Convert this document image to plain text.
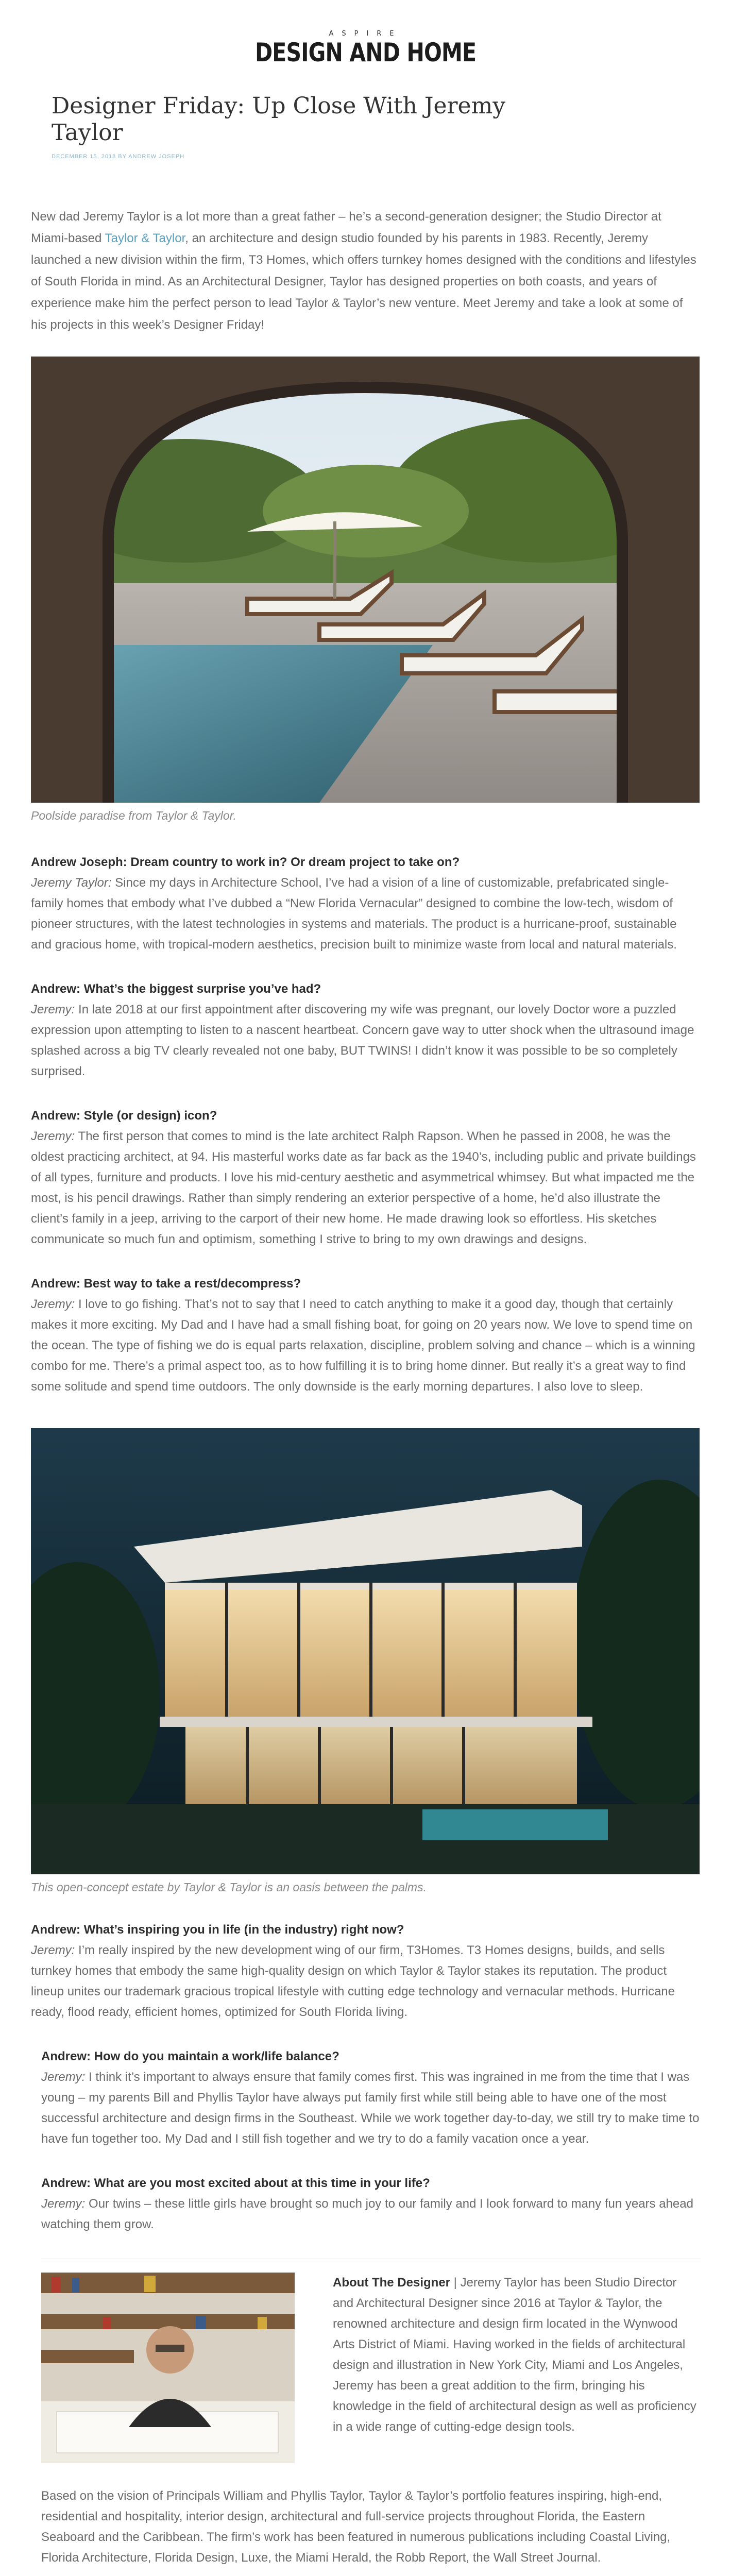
ASPIRE
DESIGN AND HOME
Designer Friday: Up Close With Jeremy Taylor
DECEMBER 15, 2018 BY ANDREW JOSEPH

New dad Jeremy Taylor is a lot more than a great father – he’s a second-generation designer; the Studio Director at Miami-based Taylor & Taylor, an architecture and design studio founded by his parents in 1983. Recently, Jeremy launched a new division within the firm, T3 Homes, which offers turnkey homes designed with the conditions and lifestyles of South Florida in mind. As an Architectural Designer, Taylor has designed properties on both coasts, and years of experience make him the perfect person to lead Taylor & Taylor’s new venture. Meet Jeremy and take a look at some of his projects in this week’s Designer Friday!

Poolside paradise from Taylor & Taylor.
Andrew Joseph: Dream country to work in? Or dream project to take on?
Jeremy Taylor: Since my days in Architecture School, I’ve had a vision of a line of customizable, prefabricated single-family homes that embody what I’ve dubbed a “New Florida Vernacular” designed to combine the low-tech, wisdom of pioneer structures, with the latest technologies in systems and materials. The product is a hurricane-proof, sustainable and gracious home, with tropical-modern aesthetics, precision built to minimize waste from local and natural materials.
Andrew: What’s the biggest surprise you’ve had?
Jeremy: In late 2018 at our first appointment after discovering my wife was pregnant, our lovely Doctor wore a puzzled expression upon attempting to listen to a nascent heartbeat. Concern gave way to utter shock when the ultrasound image splashed across a big TV clearly revealed not one baby, BUT TWINS! I didn’t know it was possible to be so completely surprised.
Andrew: Style (or design) icon?
Jeremy: The first person that comes to mind is the late architect Ralph Rapson. When he passed in 2008, he was the oldest practicing architect, at 94. His masterful works date as far back as the 1940’s, including public and private buildings of all types, furniture and products. I love his mid-century aesthetic and asymmetrical whimsey. But what impacted me the most, is his pencil drawings. Rather than simply rendering an exterior perspective of a home, he’d also illustrate the client’s family in a jeep, arriving to the carport of their new home. He made drawing look so effortless. His sketches communicate so much fun and optimism, something I strive to bring to my own drawings and designs.
Andrew: Best way to take a rest/decompress?
Jeremy: I love to go fishing. That’s not to say that I need to catch anything to make it a good day, though that certainly makes it more exciting. My Dad and I have had a small fishing boat, for going on 20 years now. We love to spend time on the ocean. The type of fishing we do is equal parts relaxation, discipline, problem solving and chance – which is a winning combo for me. There’s a primal aspect too, as to how fulfilling it is to bring home dinner. But really it’s a great way to find some solitude and spend time outdoors. The only downside is the early morning departures. I also love to sleep.
This open-concept estate by Taylor & Taylor is an oasis between the palms.
Andrew: What’s inspiring you in life (in the industry) right now?
Jeremy: I’m really inspired by the new development wing of our firm, T3Homes. T3 Homes designs, builds, and sells turnkey homes that embody the same high-quality design on which Taylor & Taylor stakes its reputation. The product lineup unites our trademark gracious tropical lifestyle with cutting edge technology and vernacular methods. Hurricane ready, flood ready, efficient homes, optimized for South Florida living.
Andrew: How do you maintain a work/life balance?
Jeremy: I think it’s important to always ensure that family comes first. This was ingrained in me from the time that I was young – my parents Bill and Phyllis Taylor have always put family first while still being able to have one of the most successful architecture and design firms in the Southeast. While we work together day-to-day, we still try to make time to have fun together too. My Dad and I still fish together and we try to do a family vacation once a year.
Andrew: What are you most excited about at this time in your life?
Jeremy: Our twins – these little girls have brought so much joy to our family and I look forward to many fun years ahead watching them grow.
About The Designer | Jeremy Taylor has been Studio Director and Architectural Designer since 2016 at Taylor & Taylor, the renowned architecture and design firm located in the Wynwood Arts District of Miami. Having worked in the fields of architectural design and illustration in New York City, Miami and Los Angeles, Jeremy has been a great addition to the firm, bringing his knowledge in the field of architectural design as well as proficiency in a wide range of cutting-edge design tools.

Based on the vision of Principals William and Phyllis Taylor, Taylor & Taylor’s portfolio features inspiring, high-end, residential and hospitality, interior design, architectural and full-service projects throughout Florida, the Eastern Seaboard and the Caribbean. The firm’s work has been featured in numerous publications including Coastal Living, Florida Architecture, Florida Design, Luxe, the Miami Herald, the Robb Report, the Wall Street Journal.
